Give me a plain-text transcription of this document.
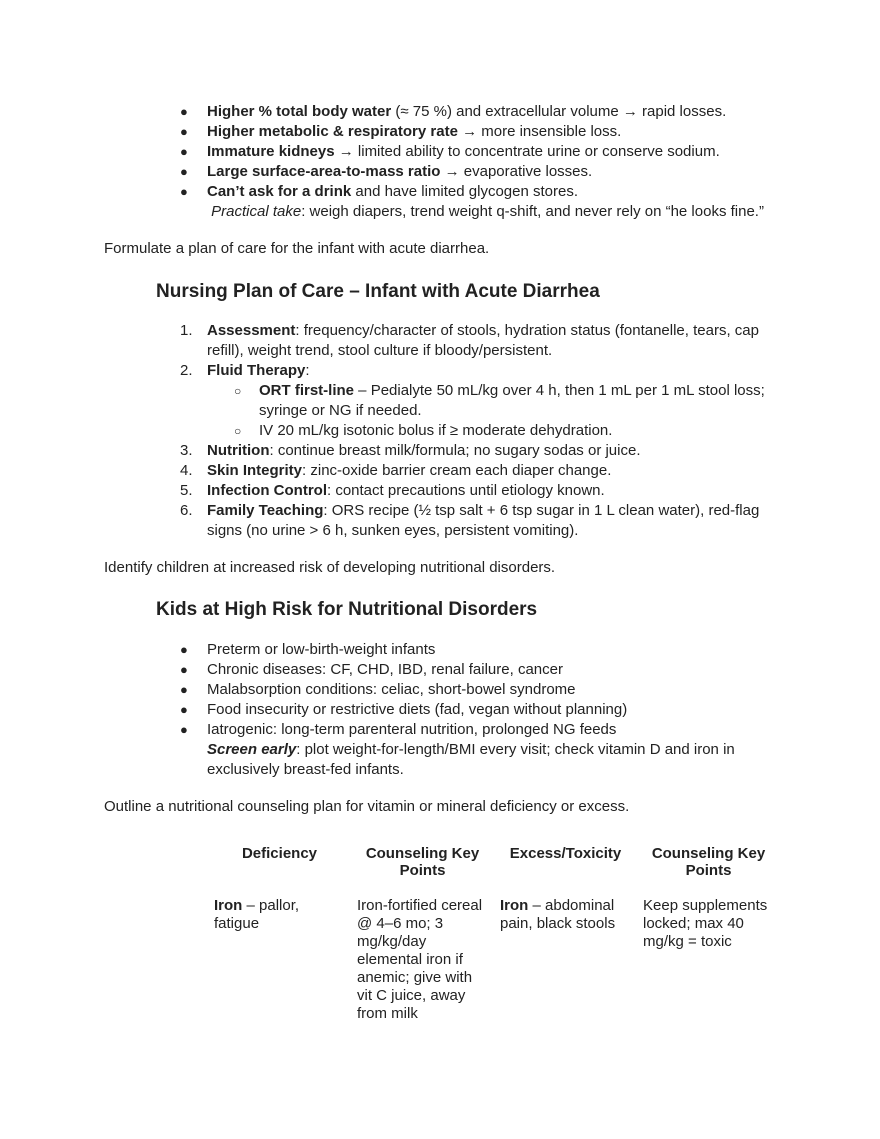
● Higher % total body water (≈ 75 %) and extracellular volume → rapid losses.
● Higher metabolic & respiratory rate → more insensible loss.
● Immature kidneys → limited ability to concentrate urine or conserve sodium.
● Large surface-area-to-mass ratio → evaporative losses.
● Can’t ask for a drink and have limited glycogen stores.
Practical take: weigh diapers, trend weight q-shift, and never rely on “he looks fine.”
Formulate a plan of care for the infant with acute diarrhea.
Nursing Plan of Care – Infant with Acute Diarrhea
1. Assessment: frequency/character of stools, hydration status (fontanelle, tears, cap refill), weight trend, stool culture if bloody/persistent.
2. Fluid Therapy:
○ ORT first-line – Pedialyte 50 mL/kg over 4 h, then 1 mL per 1 mL stool loss; syringe or NG if needed.
○ IV 20 mL/kg isotonic bolus if ≥ moderate dehydration.
3. Nutrition: continue breast milk/formula; no sugary sodas or juice.
4. Skin Integrity: zinc-oxide barrier cream each diaper change.
5. Infection Control: contact precautions until etiology known.
6. Family Teaching: ORS recipe (½ tsp salt + 6 tsp sugar in 1 L clean water), red-flag signs (no urine > 6 h, sunken eyes, persistent vomiting).
Identify children at increased risk of developing nutritional disorders.
Kids at High Risk for Nutritional Disorders
● Preterm or low-birth-weight infants
● Chronic diseases: CF, CHD, IBD, renal failure, cancer
● Malabsorption conditions: celiac, short-bowel syndrome
● Food insecurity or restrictive diets (fad, vegan without planning)
● Iatrogenic: long-term parenteral nutrition, prolonged NG feeds
Screen early: plot weight-for-length/BMI every visit; check vitamin D and iron in exclusively breast-fed infants.
Outline a nutritional counseling plan for vitamin or mineral deficiency or excess.
Deficiency	Counseling Key Points	Excess/Toxicity	Counseling Key Points
Iron – pallor, fatigue	Iron-fortified cereal @ 4–6 mo; 3 mg/kg/day elemental iron if anemic; give with vit C juice, away from milk	Iron – abdominal pain, black stools	Keep supplements locked; max 40 mg/kg = toxic
